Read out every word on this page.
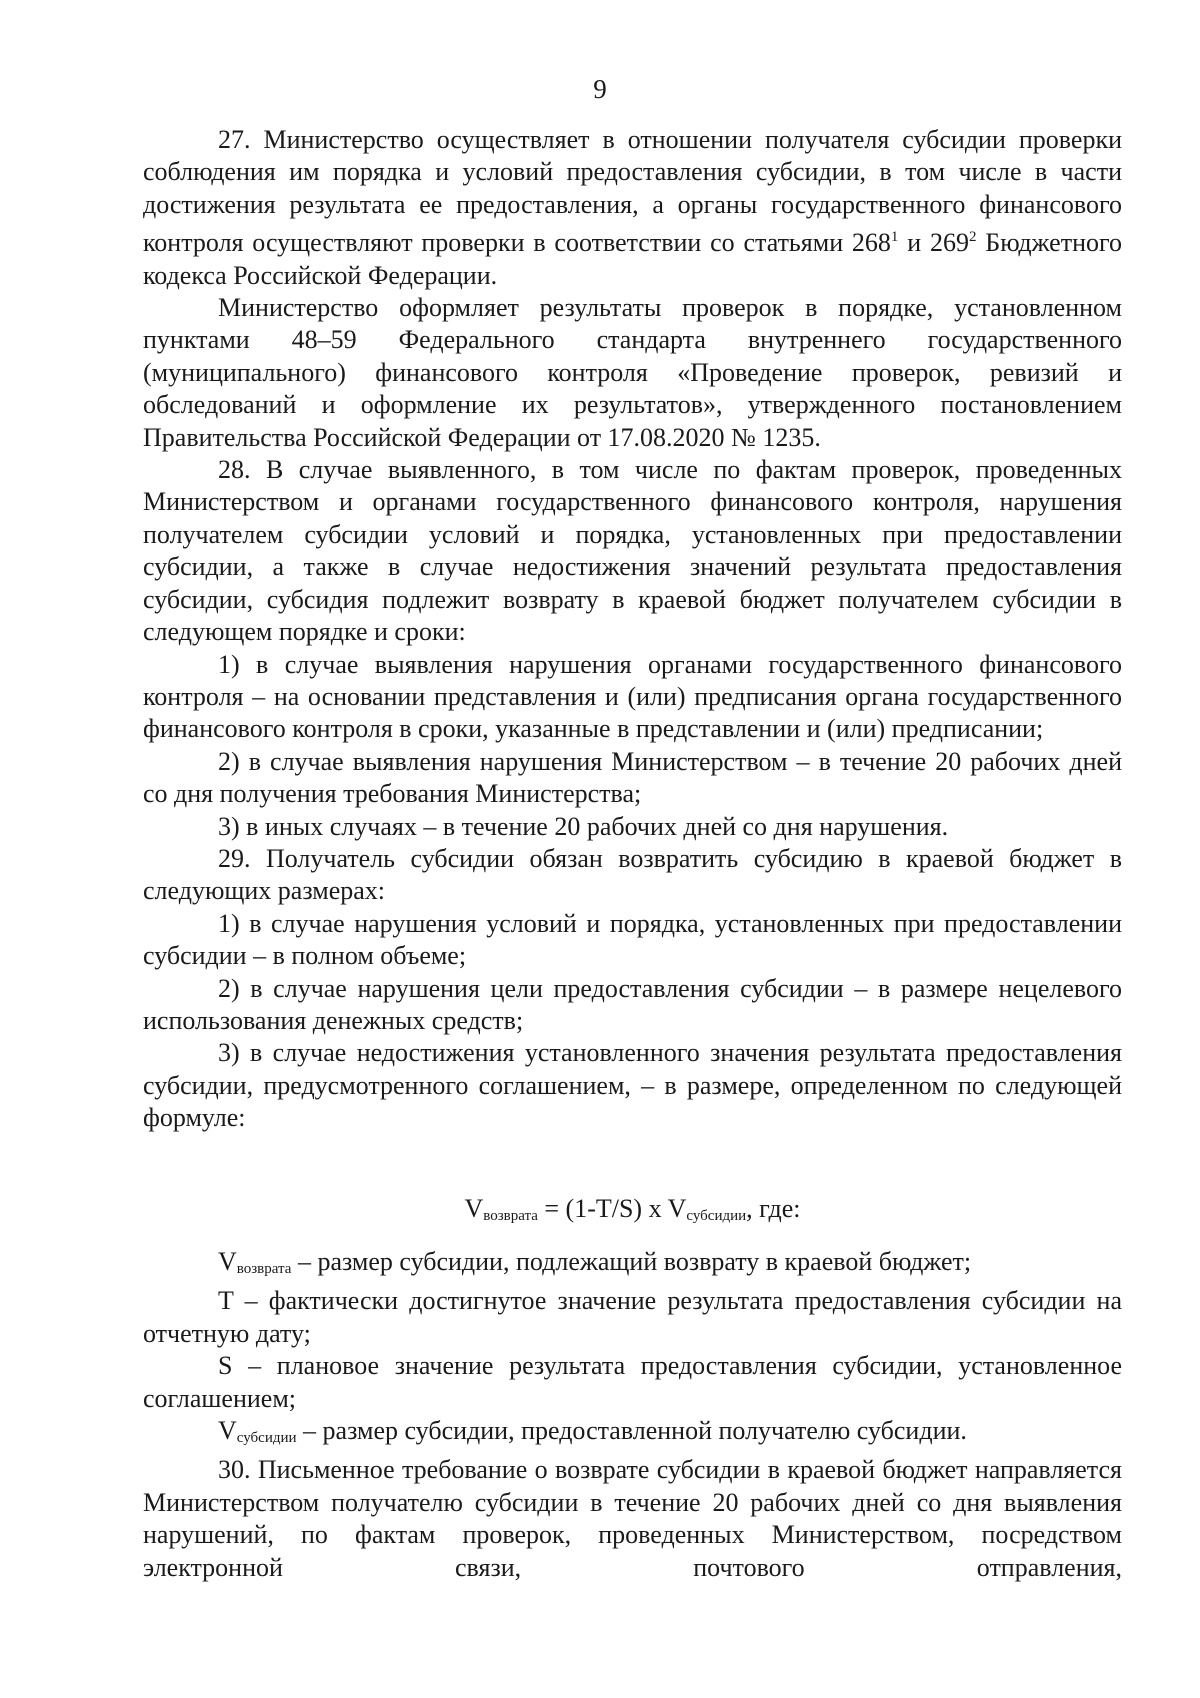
9

27. Министерство осуществляет в отношении получателя субсидии проверки соблюдения им порядка и условий предоставления субсидии, в том числе в части достижения результата ее предоставления, а органы государственного финансового контроля осуществляют проверки в соответствии со статьями $268^1$ и $269^2$ Бюджетного кодекса Российской Федерации.

Министерство оформляет результаты проверок в порядке, установленном пунктами 48–59 Федерального стандарта внутреннего государственного (муниципального) финансового контроля «Проведение проверок, ревизий и обследований и оформление их результатов», утвержденного постановлением Правительства Российской Федерации от 17.08.2020 № 1235.

28. В случае выявленного, в том числе по фактам проверок, проведенных Министерством и органами государственного финансового контроля, нарушения получателем субсидии условий и порядка, установленных при предоставлении субсидии, а также в случае недостижения значений результата предоставления субсидии, субсидия подлежит возврату в краевой бюджет получателем субсидии в следующем порядке и сроки:

1) в случае выявления нарушения органами государственного финансового контроля – на основании представления и (или) предписания органа государственного финансового контроля в сроки, указанные в представлении и (или) предписании;

2) в случае выявления нарушения Министерством – в течение 20 рабочих дней со дня получения требования Министерства;

3) в иных случаях – в течение 20 рабочих дней со дня нарушения.

29. Получатель субсидии обязан возвратить субсидию в краевой бюджет в следующих размерах:

1) в случае нарушения условий и порядка, установленных при предоставлении субсидии – в полном объеме;

2) в случае нарушения цели предоставления субсидии – в размере нецелевого использования денежных средств;

3) в случае недостижения установленного значения результата предоставления субсидии, предусмотренного соглашением, – в размере, определенном по следующей формуле:

$V_{возврата} = (1-T/S)$ x $V_{субсидии}$, где:

$V_{возврата}$ – размер субсидии, подлежащий возврату в краевой бюджет;

T – фактически достигнутое значение результата предоставления субсидии на отчетную дату;

S – плановое значение результата предоставления субсидии, установленное соглашением;

$V_{субсидии}$ – размер субсидии, предоставленной получателю субсидии.

30. Письменное требование о возврате субсидии в краевой бюджет направляется Министерством получателю субсидии в течение 20 рабочих дней со дня выявления нарушений, по фактам проверок, проведенных Министерством, посредством электронной связи, почтового отправления,
